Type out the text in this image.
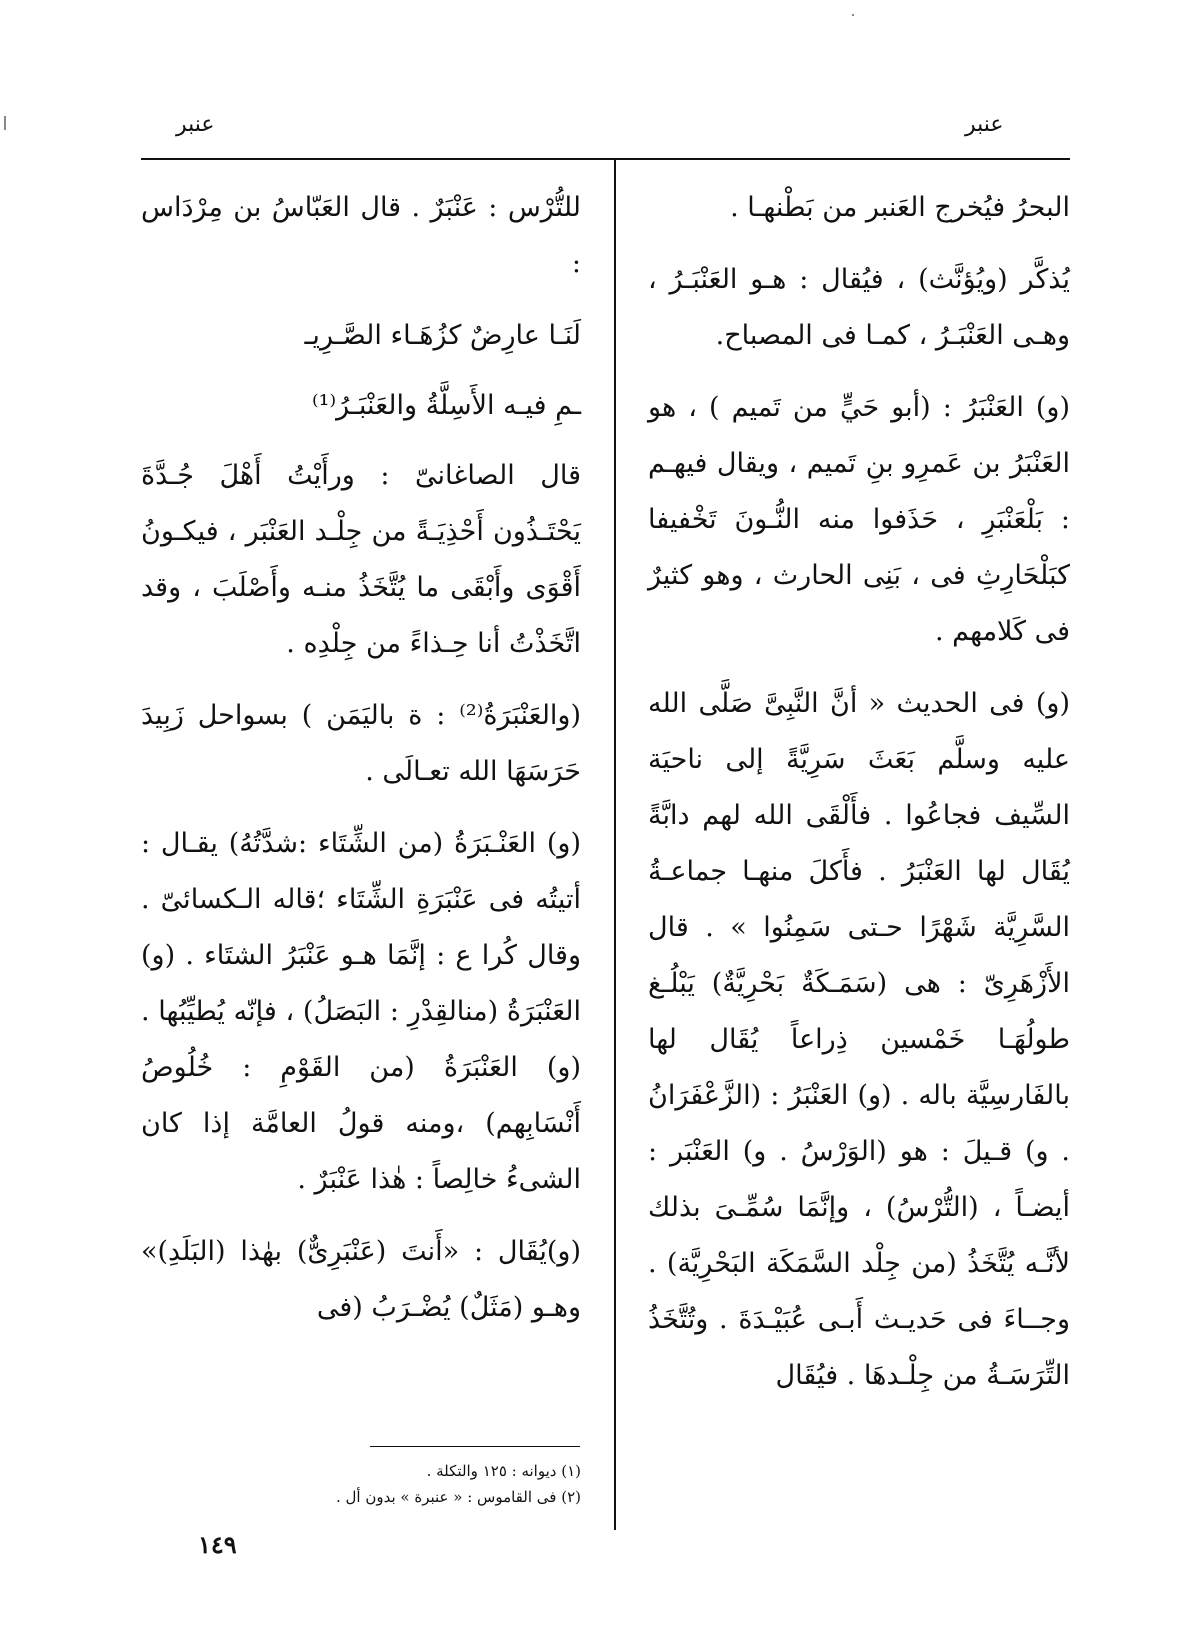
عنبر
عنبر

البحرُ فيُخرج العَنبر من بَطْنهـا .

يُذكَّر (ويُؤنَّث) ، فيُقال : هـو العَنْبَـرُ ، وهـى العَنْبَـرُ ، كمـا فى المصباح.

(و) العَنْبَرُ : (أبو حَيٍّ من تَميم ) ، هو العَنْبَرُ بن عَمرِو بنِ تَميم ، ويقال فيهـم : بَلْعَنْبَرِ ، حَذَفوا منه النُّـونَ تَخْفيفا كبَلْحَارِثِ فى ، بَنِى الحارث ، وهو كثيرٌ فى كَلامهم .

(و) فى الحديث « أنَّ النَّبِىَّ صَلَّى الله عليه وسلَّم بَعَثَ سَرِيَّةً إلى ناحيَة السِّيف فجاعُوا . فأَلْقَى الله لهم دابَّةً يُقَال لها العَنْبَرُ . فأَكلَ منهـا جماعـةُ السَّرِيَّة شَهْرًا حـتى سَمِنُوا » . قال الأَزْهَرِىّ : هى (سَمَـكَةٌ بَحْرِيَّةٌ) يَبْلُـغ طولُهَـا خَمْسين ذِراعاً يُقَال لها بالفَارسِيَّة باله . (و) العَنْبَرُ : (الزَّعْفَرَانُ . و) قـيلَ : هو (الوَرْسُ . و) العَنْبَر : أيضـاً ، (التُّرْسُ) ، وإنَّمَا سُمِّـىَ بذلك لأنَّـه يُتَّخَذُ (من جِلْد السَّمَكَة البَحْرِيَّة) . وجــاءَ فى حَديـث أَبـى عُبَيْـدَةَ . وتُتَّخَذُ التِّرَسَـةُ من جِلْـدهَا . فيُقَال

للتُّرْس : عَنْبَرٌ . قال العَبّاسُ بن مِرْدَاس :

لَنَـا عارِضٌ كزُهَـاء الصَّـرِيـ

ـمِ فيـه الأَسِلَّةُ والعَنْبَـرُ⁽¹⁾

قال الصاغانىّ : ورأَيْتُ أَهْلَ جُـدَّةَ يَحْتَـذُون أَحْذِيَـةً من جِلْـد العَنْبَر ، فيكـونُ أَقْوَى وأَبْقَى ما يُتَّخَذُ منـه وأَصْلَبَ ، وقد اتَّخَذْتُ أنا حِـذاءً من جِلْدِه .

(والعَنْبَرَةُ⁽²⁾ : ة باليَمَن ) بسواحل زَبِيدَ حَرَسَهَا الله تعـالَى .

(و) العَنْـبَرَةُ (من الشِّتَاء :شدَّتُهُ) يقـال : أتيتُه فى عَنْبَرَةِ الشِّتَاء ؛قاله الـكسائىّ . وقال كُرا ع : إنَّمَا هـو عَنْبَرُ الشتَاء . (و) العَنْبَرَةُ (منالقِدْرِ : البَصَلُ) ، فإنّه يُطيِّبُها . (و) العَنْبَرَةُ (من القَوْمِ : خُلُوصُ أَنْسَابِهم) ،ومنه قولُ العامَّة إذا كان الشىءُ خالِصاً : هٰذا عَنْبَرٌ .

(و)يُقَال : «أَنتَ (عَنْبَرِىٌّ) بهٰذا (البَلَدِ)» وهـو (مَثَلٌ) يُضْـرَبُ (فى

(١) ديوانه : ١٢٥ والتكلة .

(٢) فى القاموس : « عنبرة » بدون أل .

١٤٩
